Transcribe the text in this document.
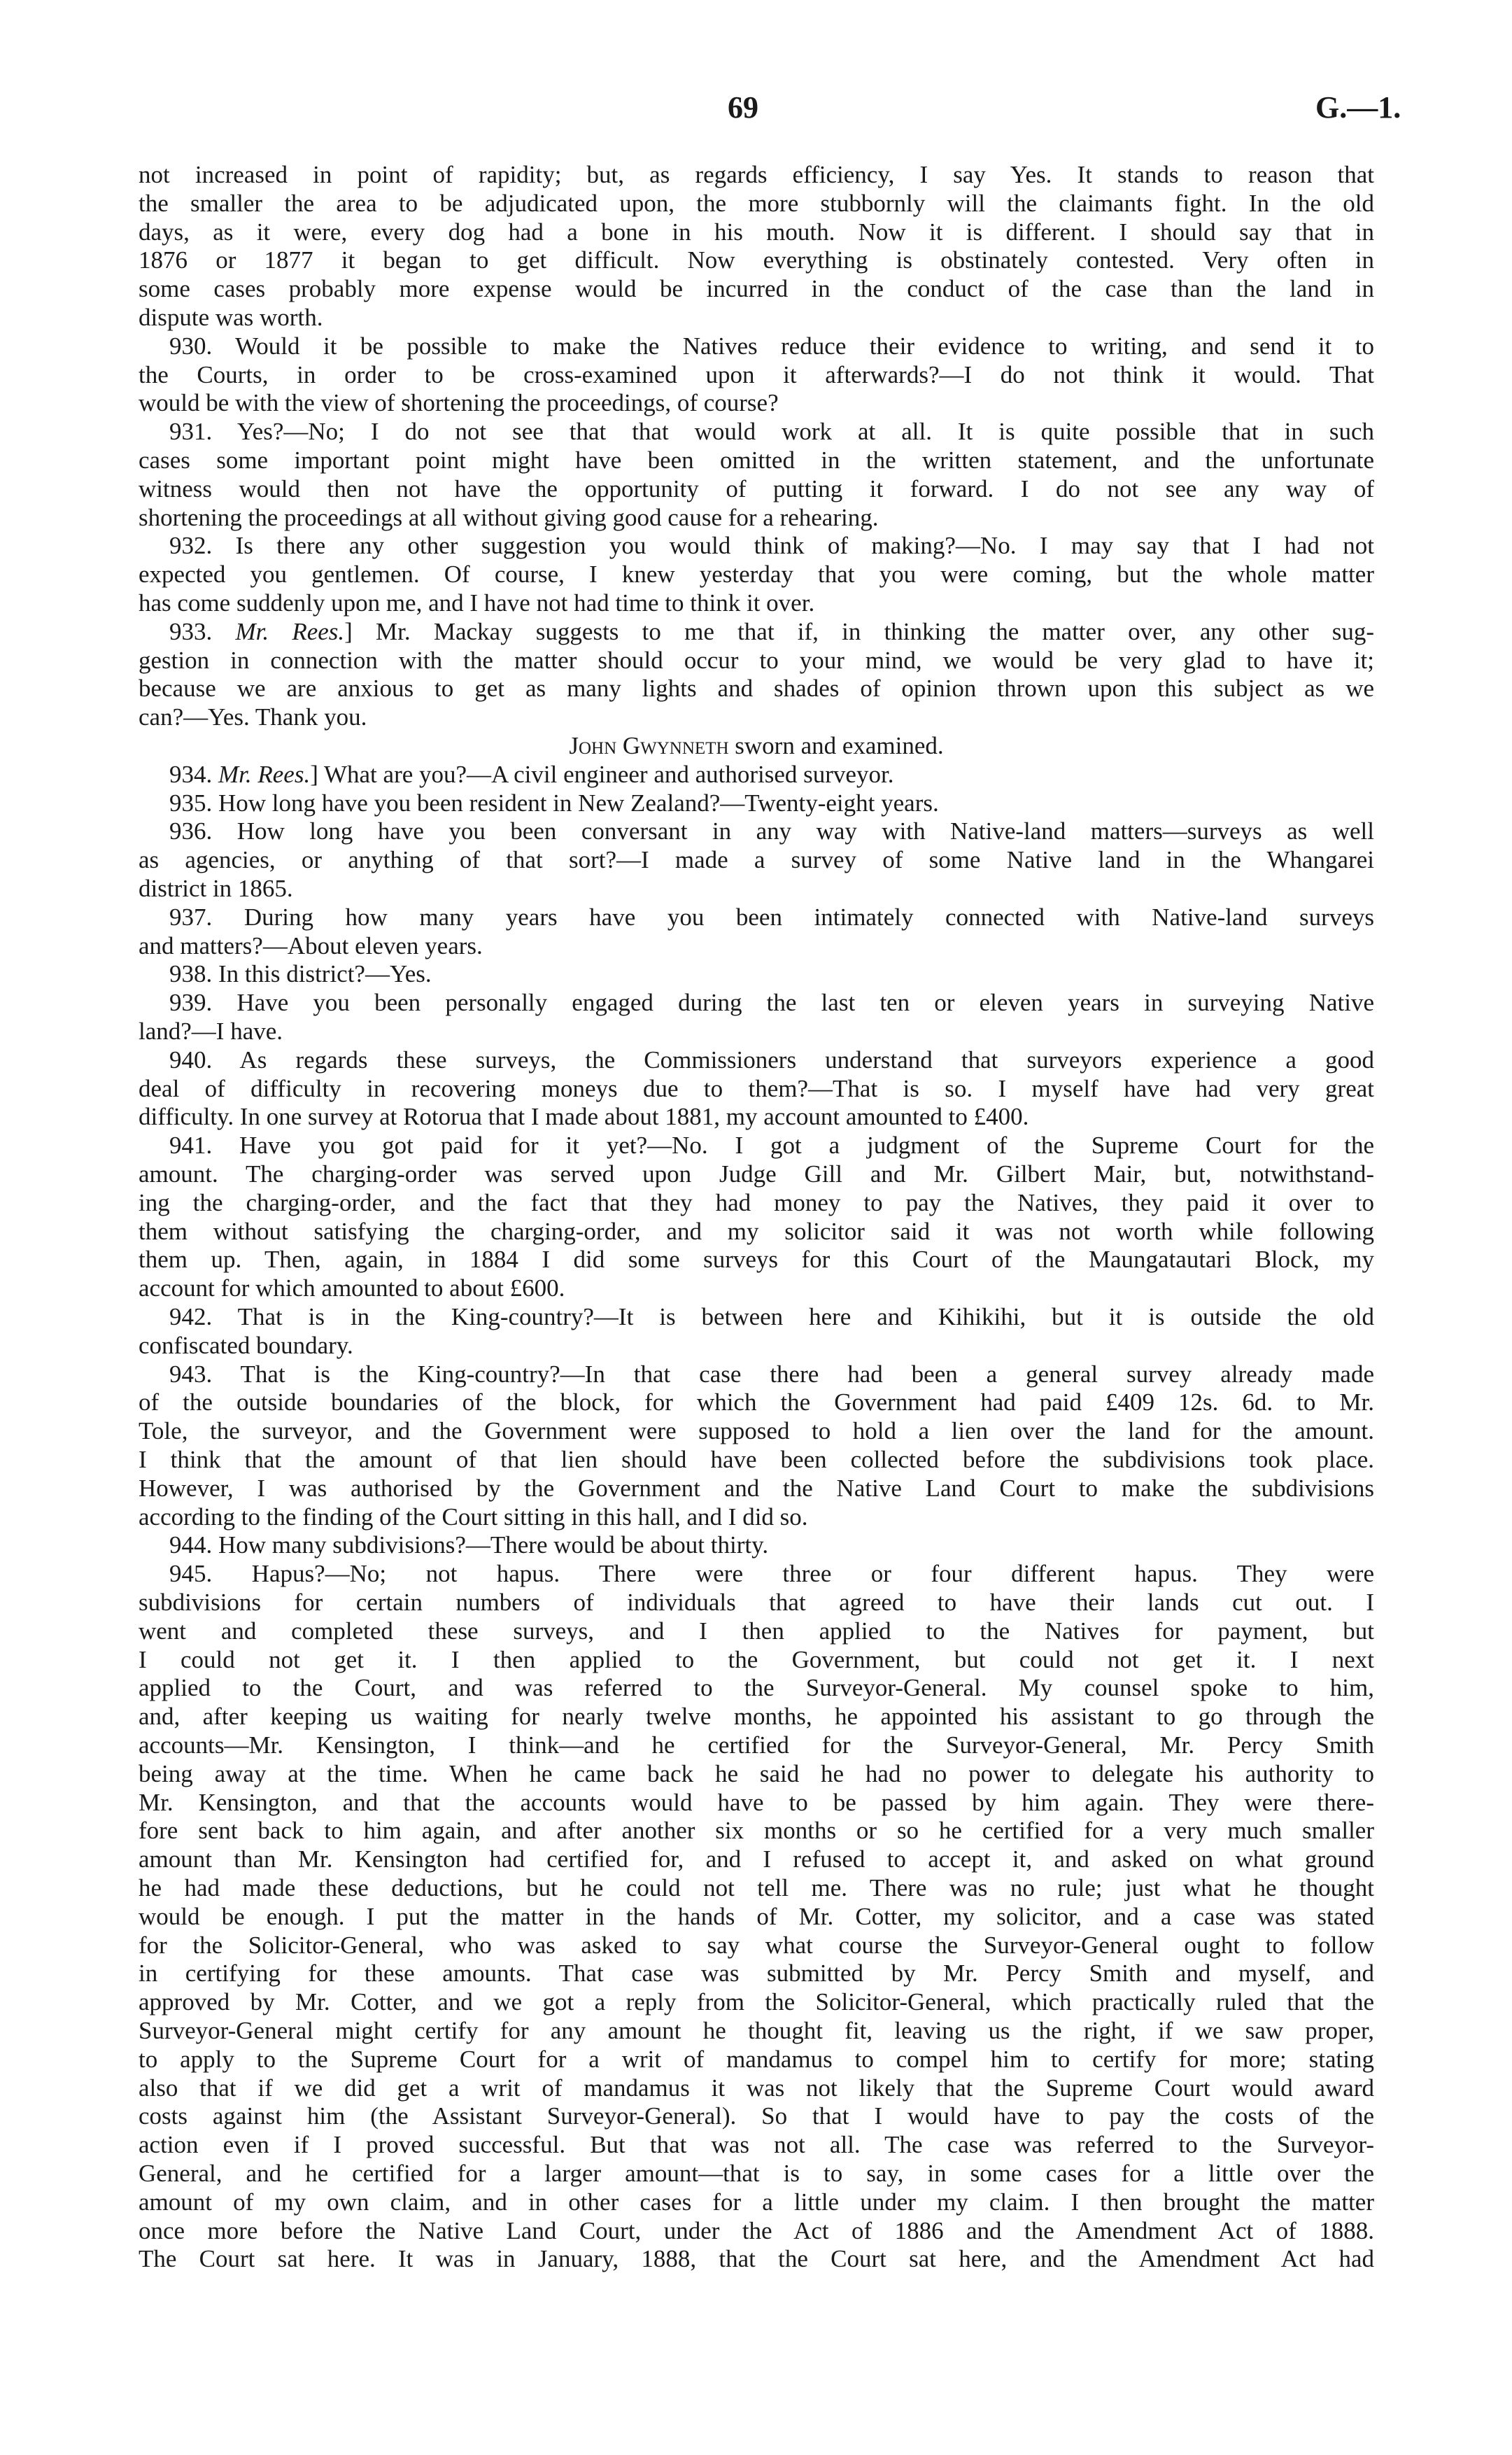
69	G.—1.
not increased in point of rapidity; but, as regards efficiency, I say Yes. It stands to reason that
the smaller the area to be adjudicated upon, the more stubbornly will the claimants fight. In the old
days, as it were, every dog had a bone in his mouth. Now it is different. I should say that in
1876 or 1877 it began to get difficult. Now everything is obstinately contested. Very often in
some cases probably more expense would be incurred in the conduct of the case than the land in
dispute was worth.
930. Would it be possible to make the Natives reduce their evidence to writing, and send it to
the Courts, in order to be cross-examined upon it afterwards?—I do not think it would. That
would be with the view of shortening the proceedings, of course?
931. Yes?—No; I do not see that that would work at all. It is quite possible that in such
cases some important point might have been omitted in the written statement, and the unfortunate
witness would then not have the opportunity of putting it forward. I do not see any way of
shortening the proceedings at all without giving good cause for a rehearing.
932. Is there any other suggestion you would think of making?—No. I may say that I had not
expected you gentlemen. Of course, I knew yesterday that you were coming, but the whole matter
has come suddenly upon me, and I have not had time to think it over.
933. Mr. Rees.] Mr. Mackay suggests to me that if, in thinking the matter over, any other sug-
gestion in connection with the matter should occur to your mind, we would be very glad to have it;
because we are anxious to get as many lights and shades of opinion thrown upon this subject as we
can?—Yes. Thank you.
John Gwynneth sworn and examined.
934. Mr. Rees.] What are you?—A civil engineer and authorised surveyor.
935. How long have you been resident in New Zealand?—Twenty-eight years.
936. How long have you been conversant in any way with Native-land matters—surveys as well
as agencies, or anything of that sort?—I made a survey of some Native land in the Whangarei
district in 1865.
937. During how many years have you been intimately connected with Native-land surveys
and matters?—About eleven years.
938. In this district?—Yes.
939. Have you been personally engaged during the last ten or eleven years in surveying Native
land?—I have.
940. As regards these surveys, the Commissioners understand that surveyors experience a good
deal of difficulty in recovering moneys due to them?—That is so. I myself have had very great
difficulty. In one survey at Rotorua that I made about 1881, my account amounted to £400.
941. Have you got paid for it yet?—No. I got a judgment of the Supreme Court for the
amount. The charging-order was served upon Judge Gill and Mr. Gilbert Mair, but, notwithstand-
ing the charging-order, and the fact that they had money to pay the Natives, they paid it over to
them without satisfying the charging-order, and my solicitor said it was not worth while following
them up. Then, again, in 1884 I did some surveys for this Court of the Maungatautari Block, my
account for which amounted to about £600.
942. That is in the King-country?—It is between here and Kihikihi, but it is outside the old
confiscated boundary.
943. That is the King-country?—In that case there had been a general survey already made
of the outside boundaries of the block, for which the Government had paid £409 12s. 6d. to Mr.
Tole, the surveyor, and the Government were supposed to hold a lien over the land for the amount.
I think that the amount of that lien should have been collected before the subdivisions took place.
However, I was authorised by the Government and the Native Land Court to make the subdivisions
according to the finding of the Court sitting in this hall, and I did so.
944. How many subdivisions?—There would be about thirty.
945. Hapus?—No; not hapus. There were three or four different hapus. They were
subdivisions for certain numbers of individuals that agreed to have their lands cut out. I
went and completed these surveys, and I then applied to the Natives for payment, but
I could not get it. I then applied to the Government, but could not get it. I next
applied to the Court, and was referred to the Surveyor-General. My counsel spoke to him,
and, after keeping us waiting for nearly twelve months, he appointed his assistant to go through the
accounts—Mr. Kensington, I think—and he certified for the Surveyor-General, Mr. Percy Smith
being away at the time. When he came back he said he had no power to delegate his authority to
Mr. Kensington, and that the accounts would have to be passed by him again. They were there-
fore sent back to him again, and after another six months or so he certified for a very much smaller
amount than Mr. Kensington had certified for, and I refused to accept it, and asked on what ground
he had made these deductions, but he could not tell me. There was no rule; just what he thought
would be enough. I put the matter in the hands of Mr. Cotter, my solicitor, and a case was stated
for the Solicitor-General, who was asked to say what course the Surveyor-General ought to follow
in certifying for these amounts. That case was submitted by Mr. Percy Smith and myself, and
approved by Mr. Cotter, and we got a reply from the Solicitor-General, which practically ruled that the
Surveyor-General might certify for any amount he thought fit, leaving us the right, if we saw proper,
to apply to the Supreme Court for a writ of mandamus to compel him to certify for more; stating
also that if we did get a writ of mandamus it was not likely that the Supreme Court would award
costs against him (the Assistant Surveyor-General). So that I would have to pay the costs of the
action even if I proved successful. But that was not all. The case was referred to the Surveyor-
General, and he certified for a larger amount—that is to say, in some cases for a little over the
amount of my own claim, and in other cases for a little under my claim. I then brought the matter
once more before the Native Land Court, under the Act of 1886 and the Amendment Act of 1888.
The Court sat here. It was in January, 1888, that the Court sat here, and the Amendment Act had
